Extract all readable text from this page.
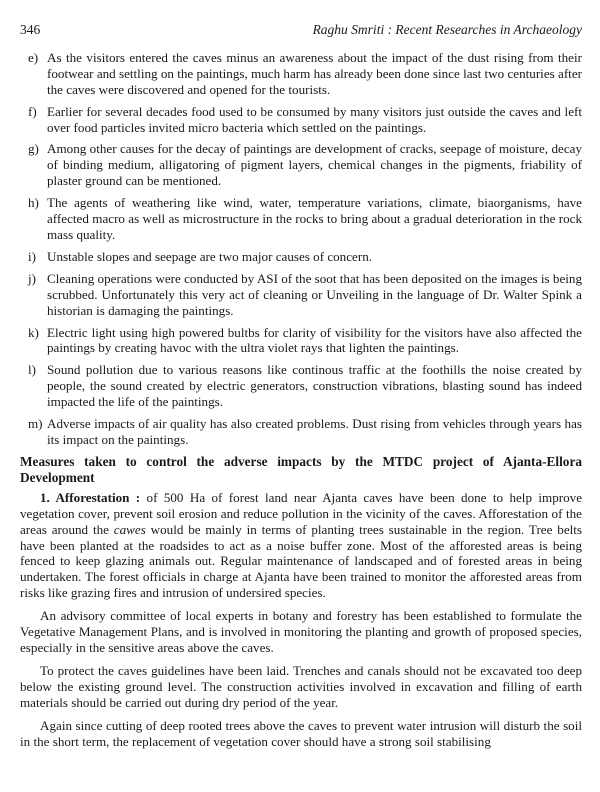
346	Raghu Smriti : Recent Researches in Archaeology
e) As the visitors entered the caves minus an awareness about the impact of the dust rising from their footwear and settling on the paintings, much harm has already been done since last two centuries after the caves were discovered and opened for the tourists.
f) Earlier for several decades food used to be consumed by many visitors just outside the caves and left over food particles invited micro bacteria which settled on the paintings.
g) Among other causes for the decay of paintings are development of cracks, seepage of moisture, decay of binding medium, alligatoring of pigment layers, chemical changes in the pigments, friability of plaster ground can be mentioned.
h) The agents of weathering like wind, water, temperature variations, climate, biaorganisms, have affected macro as well as microstructure in the rocks to bring about a gradual deterioration in the rock mass quality.
i) Unstable slopes and seepage are two major causes of concern.
j) Cleaning operations were conducted by ASI of the soot that has been deposited on the images is being scrubbed. Unfortunately this very act of cleaning or Unveiling in the language of Dr. Walter Spink a historian is damaging the paintings.
k) Electric light using high powered bultbs for clarity of visibility for the visitors have also affected the paintings by creating havoc with the ultra violet rays that lighten the paintings.
l) Sound pollution due to various reasons like continous traffic at the foothills the noise created by people, the sound created by electric generators, construction vibrations, blasting sound has indeed impacted the life of the paintings.
m) Adverse impacts of air quality has also created problems. Dust rising from vehicles through years has its impact on the paintings.
Measures taken to control the adverse impacts by the MTDC project of Ajanta-Ellora Development

1. Afforestation : of 500 Ha of forest land near Ajanta caves have been done to help improve vegetation cover, prevent soil erosion and reduce pollution in the vicinity of the caves. Afforestation of the areas around the cawes would be mainly in terms of planting trees sustainable in the region. Tree belts have been planted at the roadsides to act as a noise buffer zone. Most of the afforested areas is being fenced to keep glazing animals out. Regular maintenance of landscaped and of forested areas in being undertaken. The forest officials in charge at Ajanta have been trained to monitor the afforested areas from risks like grazing fires and intrusion of undersired species.

An advisory committee of local experts in botany and forestry has been established to formulate the Vegetative Management Plans, and is involved in monitoring the planting and growth of proposed species, especially in the sensitive areas above the caves.

To protect the caves guidelines have been laid. Trenches and canals should not be excavated too deep below the existing ground level. The construction activities involved in excavation and filling of earth materials should be carried out during dry period of the year.

Again since cutting of deep rooted trees above the caves to prevent water intrusion will disturb the soil in the short term, the replacement of vegetation cover should have a strong soil stabilising
